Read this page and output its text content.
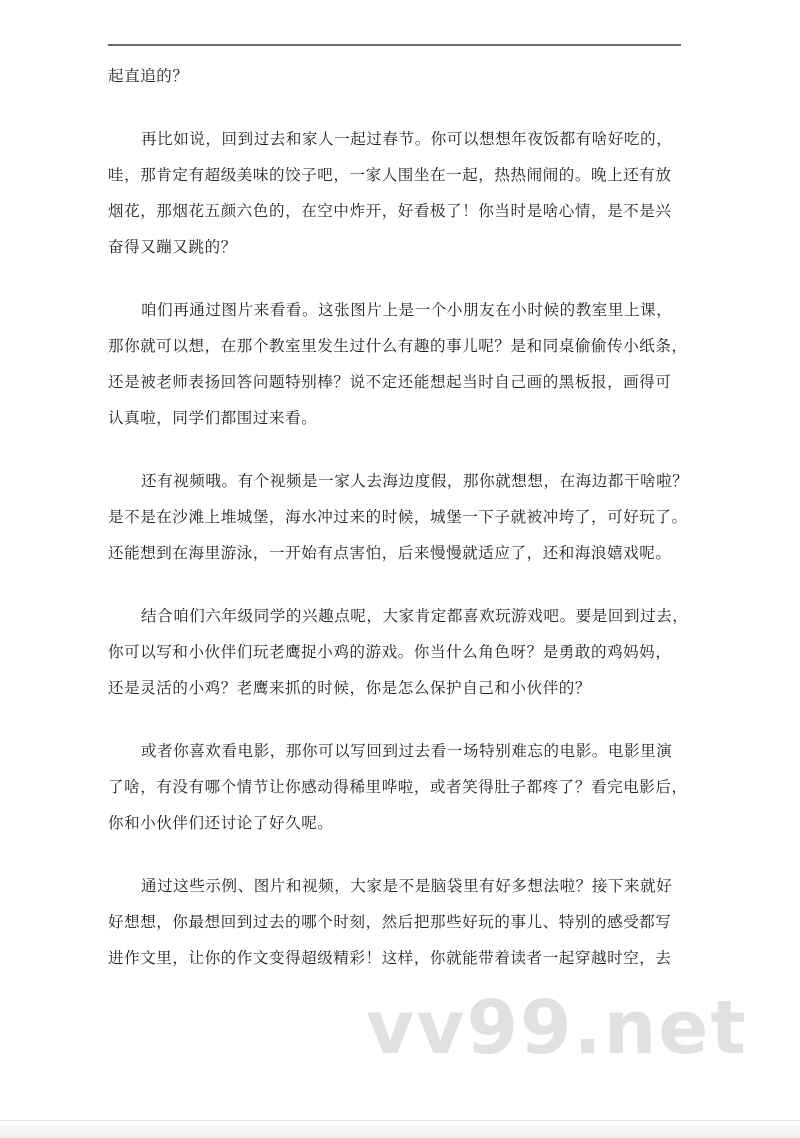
起直追的？

再比如说，回到过去和家人一起过春节。你可以想想年夜饭都有啥好吃的，
哇，那肯定有超级美味的饺子吧，一家人围坐在一起，热热闹闹的。晚上还有放
烟花，那烟花五颜六色的，在空中炸开，好看极了！你当时是啥心情，是不是兴
奋得又蹦又跳的？

咱们再通过图片来看看。这张图片上是一个小朋友在小时候的教室里上课，
那你就可以想，在那个教室里发生过什么有趣的事儿呢？是和同桌偷偷传小纸条，
还是被老师表扬回答问题特别棒？说不定还能想起当时自己画的黑板报，画得可
认真啦，同学们都围过来看。

还有视频哦。有个视频是一家人去海边度假，那你就想想，在海边都干啥啦？
是不是在沙滩上堆城堡，海水冲过来的时候，城堡一下子就被冲垮了，可好玩了。
还能想到在海里游泳，一开始有点害怕，后来慢慢就适应了，还和海浪嬉戏呢。

结合咱们六年级同学的兴趣点呢，大家肯定都喜欢玩游戏吧。要是回到过去，
你可以写和小伙伴们玩老鹰捉小鸡的游戏。你当什么角色呀？是勇敢的鸡妈妈，
还是灵活的小鸡？老鹰来抓的时候，你是怎么保护自己和小伙伴的？

或者你喜欢看电影，那你可以写回到过去看一场特别难忘的电影。电影里演
了啥，有没有哪个情节让你感动得稀里哗啦，或者笑得肚子都疼了？看完电影后，
你和小伙伴们还讨论了好久呢。

通过这些示例、图片和视频，大家是不是脑袋里有好多想法啦？接下来就好
好想想，你最想回到过去的哪个时刻，然后把那些好玩的事儿、特别的感受都写
进作文里，让你的作文变得超级精彩！这样，你就能带着读者一起穿越时空，去

vv99.net
